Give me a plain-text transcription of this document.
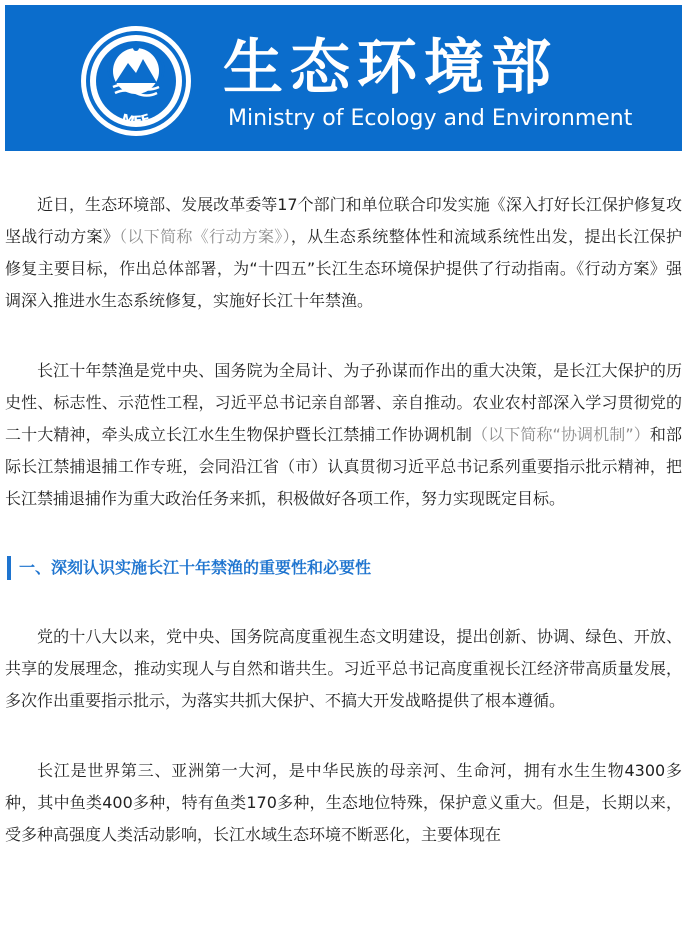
MEE
生态环境部
Ministry of Ecology and Environment

近日，生态环境部、发展改革委等17个部门和单位联合印发实施《深入打好长江保护修复攻坚战行动方案》（以下简称《行动方案》），从生态系统整体性和流域系统性出发，提出长江保护修复主要目标，作出总体部署，为“十四五”长江生态环境保护提供了行动指南。《行动方案》强调深入推进水生态系统修复，实施好长江十年禁渔。

长江十年禁渔是党中央、国务院为全局计、为子孙谋而作出的重大决策，是长江大保护的历史性、标志性、示范性工程，习近平总书记亲自部署、亲自推动。农业农村部深入学习贯彻党的二十大精神，牵头成立长江水生生物保护暨长江禁捕工作协调机制（以下简称“协调机制”）和部际长江禁捕退捕工作专班，会同沿江省（市）认真贯彻习近平总书记系列重要指示批示精神，把长江禁捕退捕作为重大政治任务来抓，积极做好各项工作，努力实现既定目标。

一、深刻认识实施长江十年禁渔的重要性和必要性

党的十八大以来，党中央、国务院高度重视生态文明建设，提出创新、协调、绿色、开放、共享的发展理念，推动实现人与自然和谐共生。习近平总书记高度重视长江经济带高质量发展，多次作出重要指示批示，为落实共抓大保护、不搞大开发战略提供了根本遵循。

长江是世界第三、亚洲第一大河，是中华民族的母亲河、生命河，拥有水生生物4300多种，其中鱼类400多种，特有鱼类170多种，生态地位特殊，保护意义重大。但是，长期以来，受多种高强度人类活动影响，长江水域生态环境不断恶化，主要体现在
